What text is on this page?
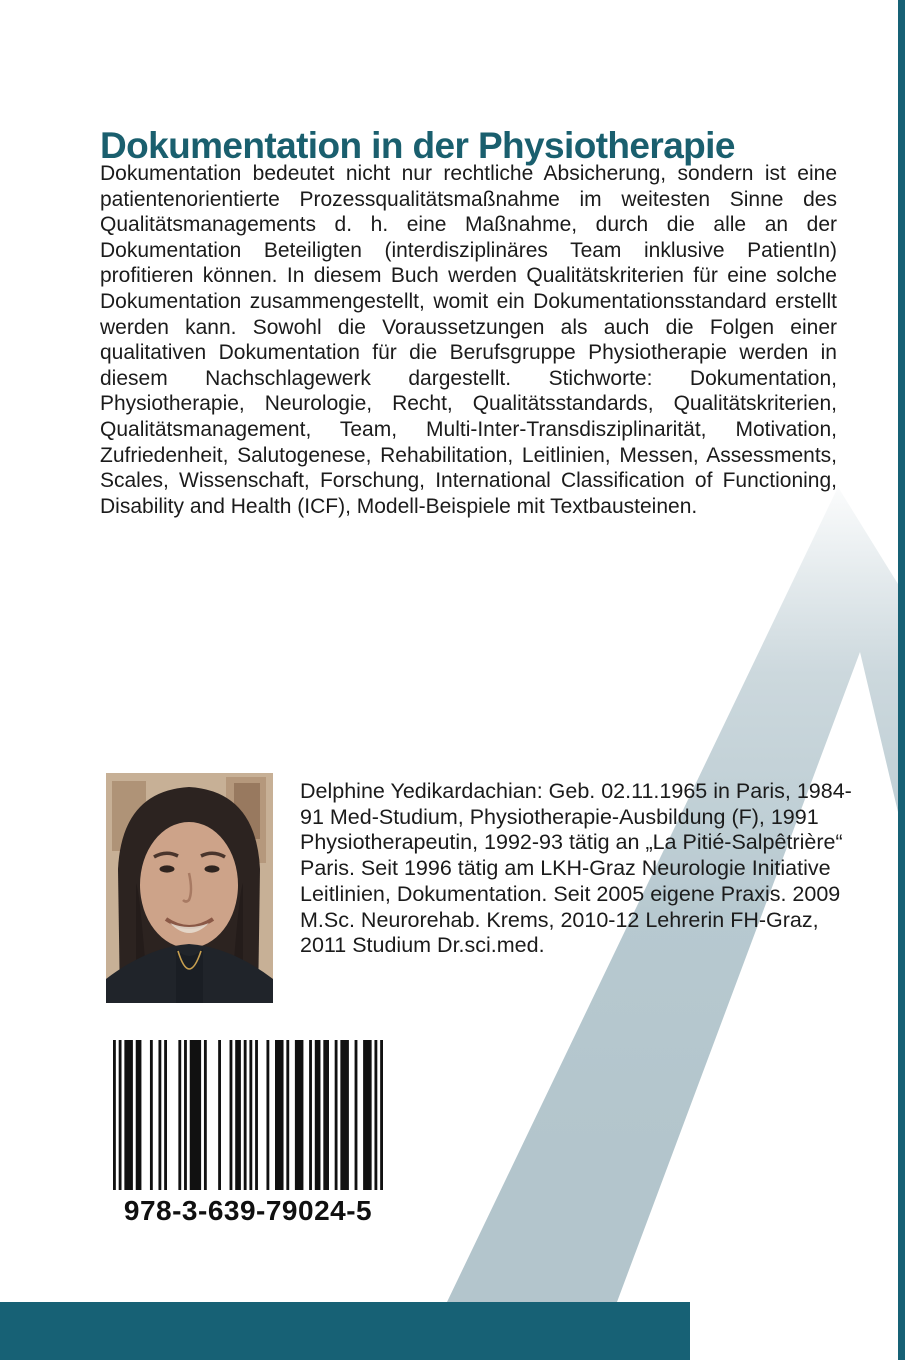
Dokumentation in der Physiotherapie

Dokumentation bedeutet nicht nur rechtliche Absicherung, sondern ist eine patientenorientierte Prozessqualitätsmaßnahme im weitesten Sinne des Qualitätsmanagements d. h. eine Maßnahme, durch die alle an der Dokumentation Beteiligten (interdisziplinäres Team inklusive PatientIn) profitieren können. In diesem Buch werden Qualitätskriterien für eine solche Dokumentation zusammengestellt, womit ein Dokumentationsstandard erstellt werden kann. Sowohl die Voraussetzungen als auch die Folgen einer qualitativen Dokumentation für die Berufsgruppe Physiotherapie werden in diesem Nachschlagewerk dargestellt. Stichworte: Dokumentation, Physiotherapie, Neurologie, Recht, Qualitätsstandards, Qualitätskriterien, Qualitätsmanagement, Team, Multi-Inter-Transdisziplinarität, Motivation, Zufriedenheit, Salutogenese, Rehabilitation, Leitlinien, Messen, Assessments, Scales, Wissenschaft, Forschung, International Classification of Functioning, Disability and Health (ICF), Modell-Beispiele mit Textbausteinen.

Delphine Yedikardachian: Geb. 02.11.1965 in Paris, 1984-91 Med-Studium, Physiotherapie-Ausbildung (F), 1991 Physiotherapeutin, 1992-93 tätig an „La Pitié-Salpêtrière“ Paris. Seit 1996 tätig am LKH-Graz Neurologie Initiative Leitlinien, Dokumentation. Seit 2005 eigene Praxis. 2009 M.Sc. Neurorehab. Krems, 2010-12 Lehrerin FH-Graz, 2011 Studium Dr.sci.med.

978-3-639-79024-5
